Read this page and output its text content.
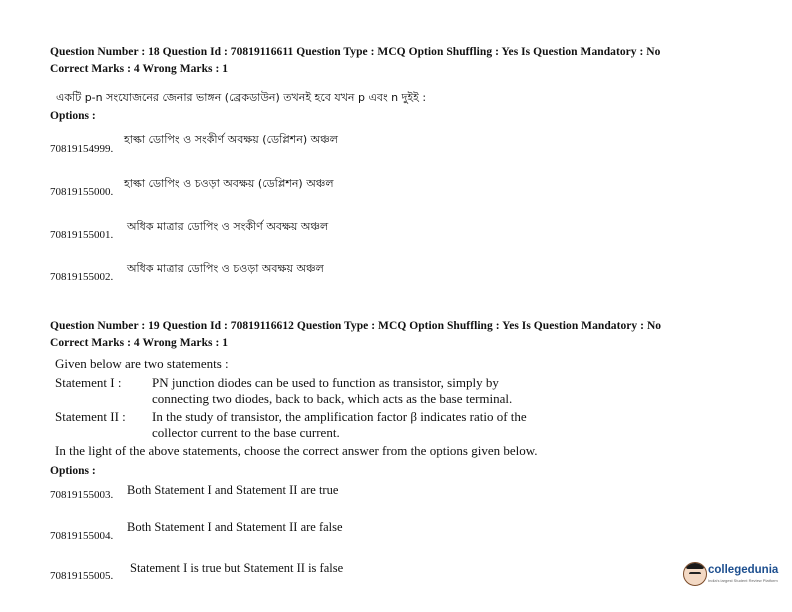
Question Number : 18 Question Id : 70819116611 Question Type : MCQ Option Shuffling : Yes Is Question Mandatory : No
Correct Marks : 4 Wrong Marks : 1
একটি p-n সংযোজনের জেনার ভাঙ্গন (ব্রেকডাউন) তখনই হবে যখন p এবং n দুইই :
Options :
হাল্কা ডোপিং ও সংকীর্ণ অবক্ষয় (ডেপ্লিশন) অঞ্চল
70819154999.
হাল্কা ডোপিং ও চওড়া অবক্ষয় (ডেপ্লিশন) অঞ্চল
70819155000.
অধিক মাত্রার ডোপিং ও সংকীর্ণ অবক্ষয় অঞ্চল
70819155001.
অধিক মাত্রার ডোপিং ও চওড়া অবক্ষয় অঞ্চল
70819155002.
Question Number : 19 Question Id : 70819116612 Question Type : MCQ Option Shuffling : Yes Is Question Mandatory : No
Correct Marks : 4 Wrong Marks : 1
Given below are two statements :
Statement I : PN junction diodes can be used to function as transistor, simply by
connecting two diodes, back to back, which acts as the base terminal.
Statement II : In the study of transistor, the amplification factor β indicates ratio of the
collector current to the base current.
In the light of the above statements, choose the correct answer from the options given below.
Options :
70819155003. Both Statement I and Statement II are true
70819155004.
Both Statement I and Statement II are false
70819155005.
Statement I is true but Statement II is false	collegedunia
India's largest Student Review Platform
